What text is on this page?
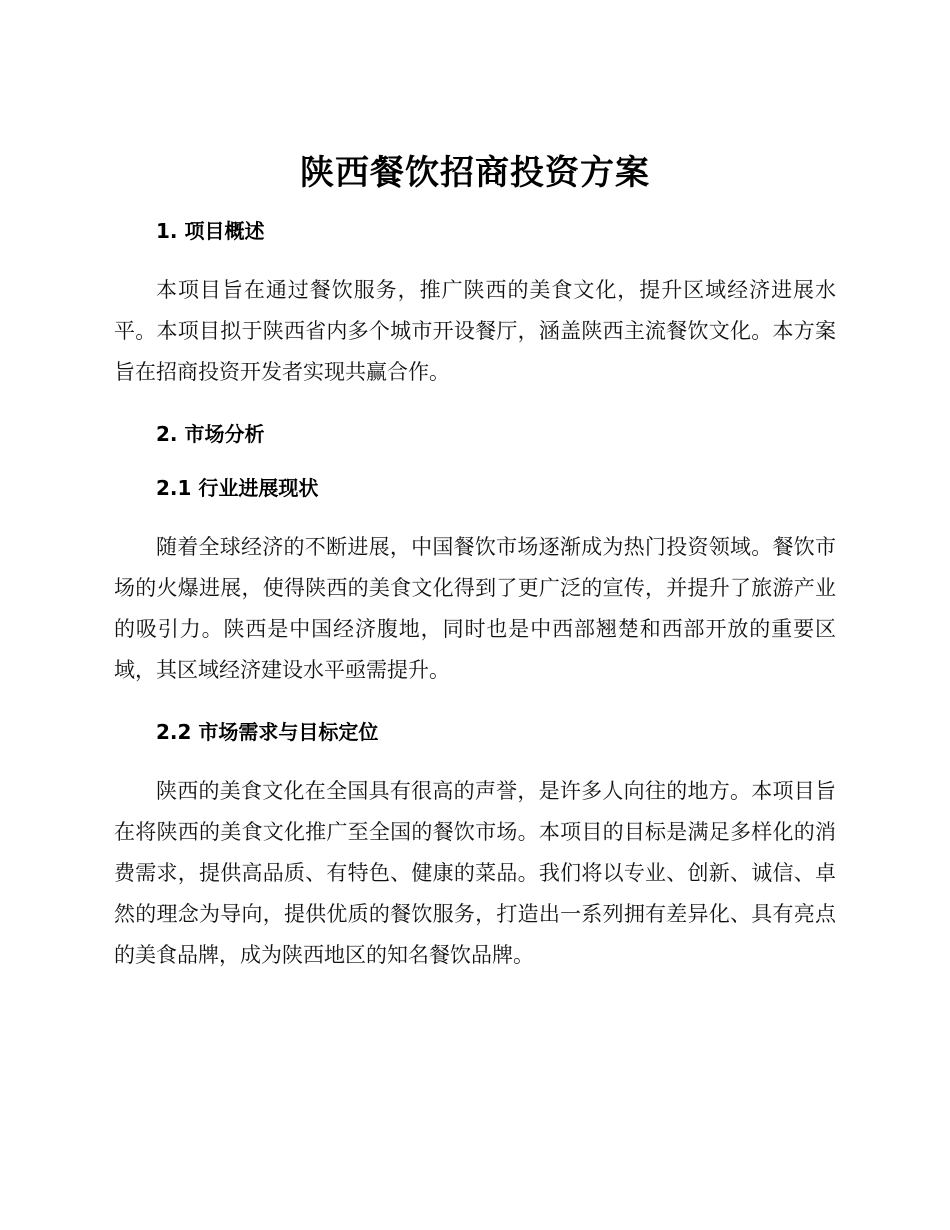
陕西餐饮招商投资方案
1. 项目概述

本项目旨在通过餐饮服务，推广陕西的美食文化，提升区域经济进展水平。本项目拟于陕西省内多个城市开设餐厅，涵盖陕西主流餐饮文化。本方案旨在招商投资开发者实现共赢合作。

2. 市场分析
2.1 行业进展现状

随着全球经济的不断进展，中国餐饮市场逐渐成为热门投资领域。餐饮市场的火爆进展，使得陕西的美食文化得到了更广泛的宣传，并提升了旅游产业的吸引力。陕西是中国经济腹地，同时也是中西部翘楚和西部开放的重要区域，其区域经济建设水平亟需提升。

2.2 市场需求与目标定位

陕西的美食文化在全国具有很高的声誉，是许多人向往的地方。本项目旨在将陕西的美食文化推广至全国的餐饮市场。本项目的目标是满足多样化的消费需求，提供高品质、有特色、健康的菜品。我们将以专业、创新、诚信、卓然的理念为导向，提供优质的餐饮服务，打造出一系列拥有差异化、具有亮点的美食品牌，成为陕西地区的知名餐饮品牌。
